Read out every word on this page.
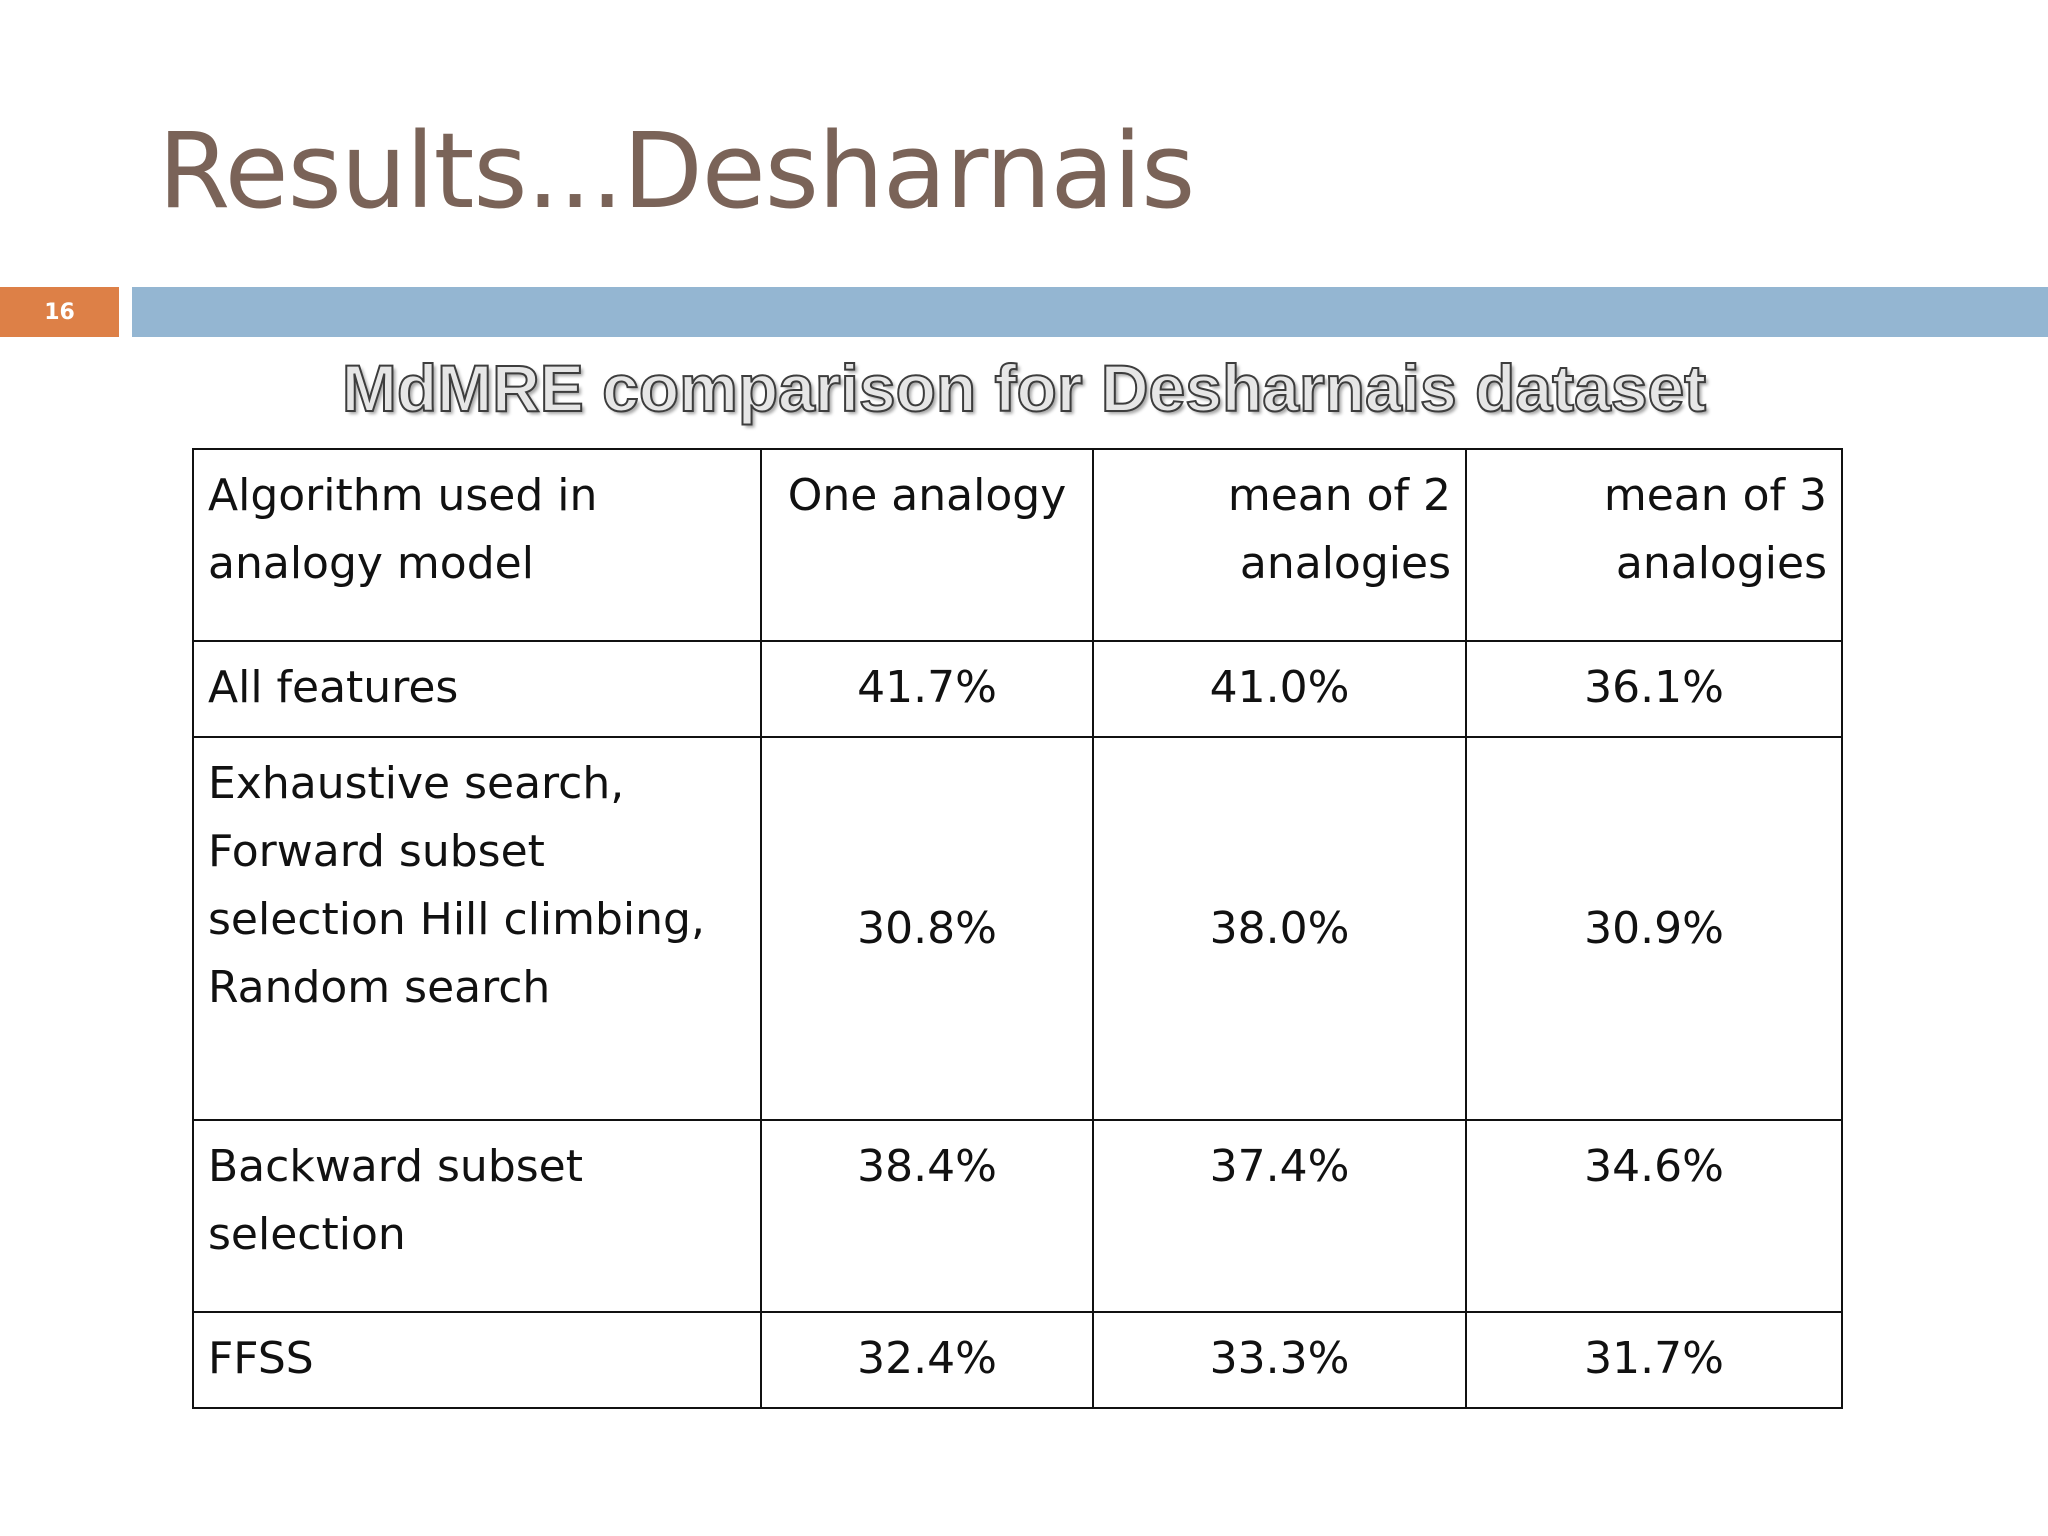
Results...Desharnais
16
MdMRE comparison for Desharnais dataset
Algorithm used in analogy model	One analogy	mean of 2 analogies	mean of 3 analogies
All features	41.7%	41.0%	36.1%
Exhaustive search, Forward subset selection Hill climbing, Random search	30.8%	38.0%	30.9%
Backward subset selection	38.4%	37.4%	34.6%
FFSS	32.4%	33.3%	31.7%
